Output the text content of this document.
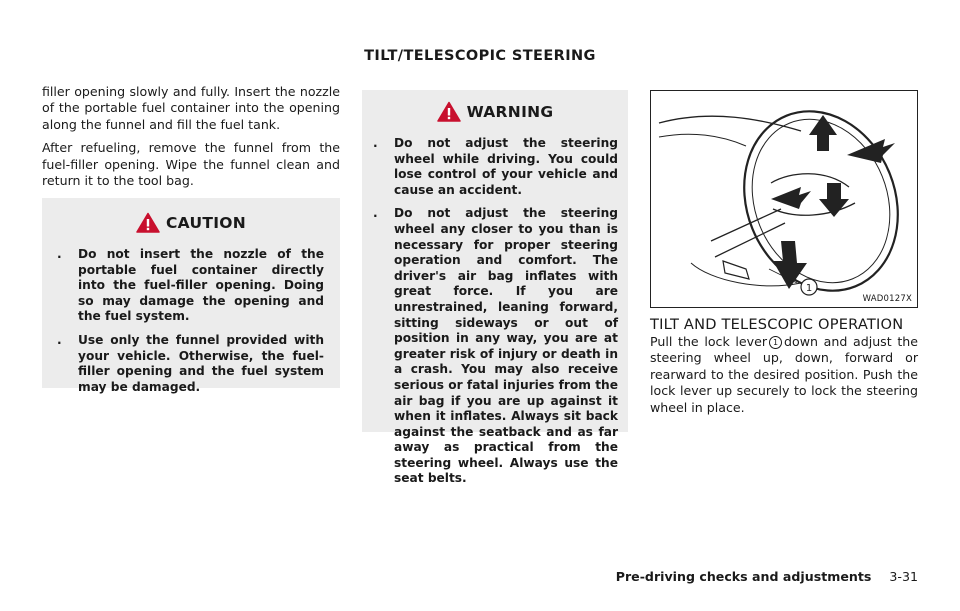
TILT/TELESCOPIC STEERING

filler opening slowly and fully. Insert the nozzle of the portable fuel container into the opening along the funnel and fill the fuel tank.

After refueling, remove the funnel from the fuel-filler opening. Wipe the funnel clean and return it to the tool bag.

CAUTION
. Do not insert the nozzle of the portable fuel container directly into the fuel-filler opening. Doing so may damage the opening and the fuel system.
. Use only the funnel provided with your vehicle. Otherwise, the fuel-filler opening and the fuel system may be damaged.
WARNING
. Do not adjust the steering wheel while driving. You could lose control of your vehicle and cause an accident.
. Do not adjust the steering wheel any closer to you than is necessary for proper steering operation and comfort. The driver's air bag inflates with great force. If you are unrestrained, leaning forward, sitting sideways or out of position in any way, you are at greater risk of injury or death in a crash. You may also receive serious or fatal injuries from the air bag if you are up against it when it inflates. Always sit back against the seatback and as far away as practical from the steering wheel. Always use the seat belts.
1
WAD0127X
TILT AND TELESCOPIC OPERATION
Pull the lock lever 1 down and adjust the steering wheel up, down, forward or rearward to the desired position. Push the lock lever up securely to lock the steering wheel in place.
Pre-driving checks and adjustments 3-31
